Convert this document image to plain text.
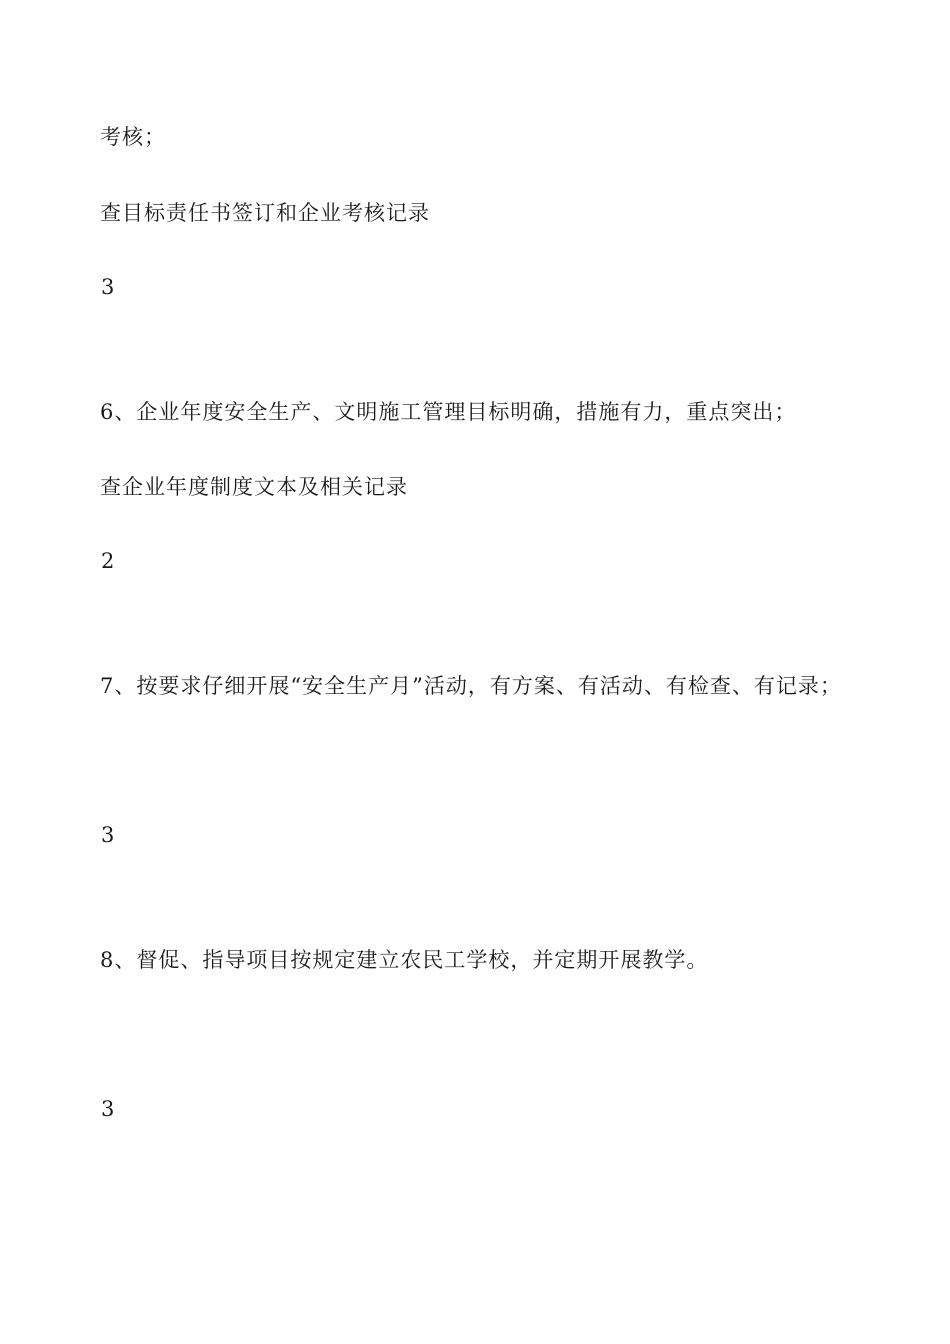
考核；

查目标责任书签订和企业考核记录

3

6、企业年度安全生产、文明施工管理目标明确，措施有力，重点突出；

查企业年度制度文本及相关记录

2

7、按要求仔细开展“安全生产月”活动，有方案、有活动、有检查、有记录；

3

8、督促、指导项目按规定建立农民工学校，并定期开展教学。

3
